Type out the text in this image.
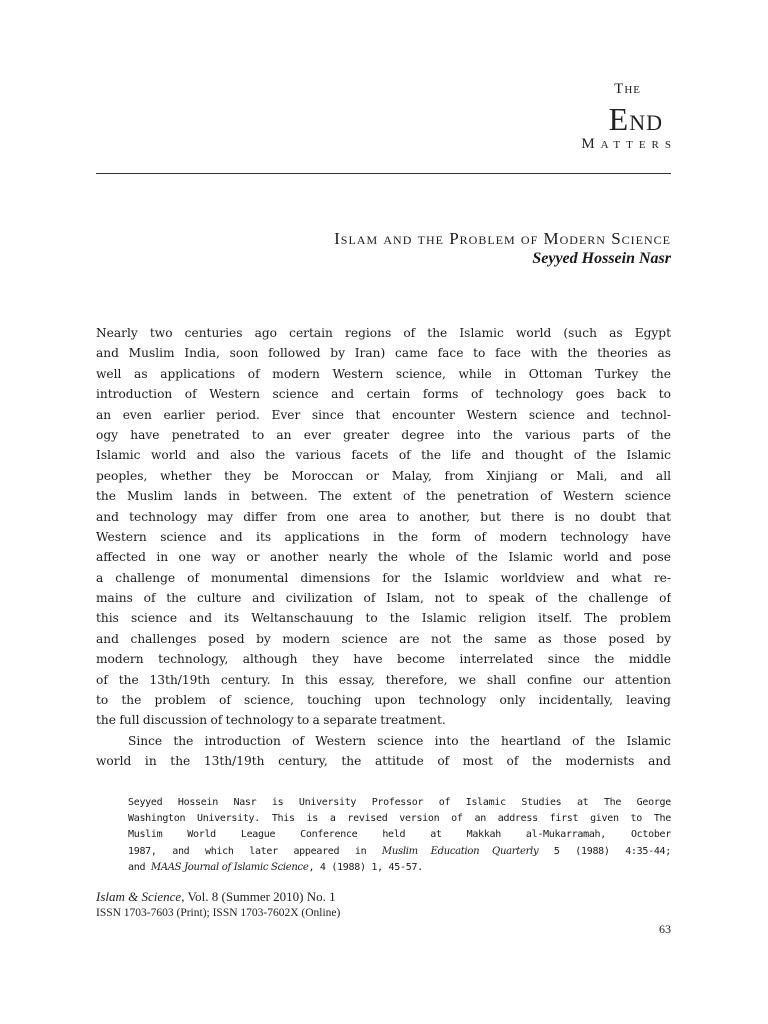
The
End
Matters
Islam and the Problem of Modern Science
Seyyed Hossein Nasr
Nearly two centuries ago certain regions of the Islamic world (such as Egypt
and Muslim India, soon followed by Iran) came face to face with the theories as
well as applications of modern Western science, while in Ottoman Turkey the
introduction of Western science and certain forms of technology goes back to
an even earlier period. Ever since that encounter Western science and technol-
ogy have penetrated to an ever greater degree into the various parts of the
Islamic world and also the various facets of the life and thought of the Islamic
peoples, whether they be Moroccan or Malay, from Xinjiang or Mali, and all
the Muslim lands in between. The extent of the penetration of Western science
and technology may differ from one area to another, but there is no doubt that
Western science and its applications in the form of modern technology have
affected in one way or another nearly the whole of the Islamic world and pose
a challenge of monumental dimensions for the Islamic worldview and what re-
mains of the culture and civilization of Islam, not to speak of the challenge of
this science and its Weltanschauung to the Islamic religion itself. The problem
and challenges posed by modern science are not the same as those posed by
modern technology, although they have become interrelated since the middle
of the 13th/19th century. In this essay, therefore, we shall confine our attention
to the problem of science, touching upon technology only incidentally, leaving
the full discussion of technology to a separate treatment.
Since the introduction of Western science into the heartland of the Islamic
world in the 13th/19th century, the attitude of most of the modernists and
Seyyed Hossein Nasr is University Professor of Islamic Studies at The George
Washington University. This is a revised version of an address first given to The
Muslim World League Conference held at Makkah al-Mukarramah, October
1987, and which later appeared in Muslim Education Quarterly 5 (1988) 4:35-44;
and MAAS Journal of Islamic Science, 4 (1988) 1, 45-57.
Islam & Science, Vol. 8 (Summer 2010) No. 1
ISSN 1703-7603 (Print); ISSN 1703-7602X (Online)
63
